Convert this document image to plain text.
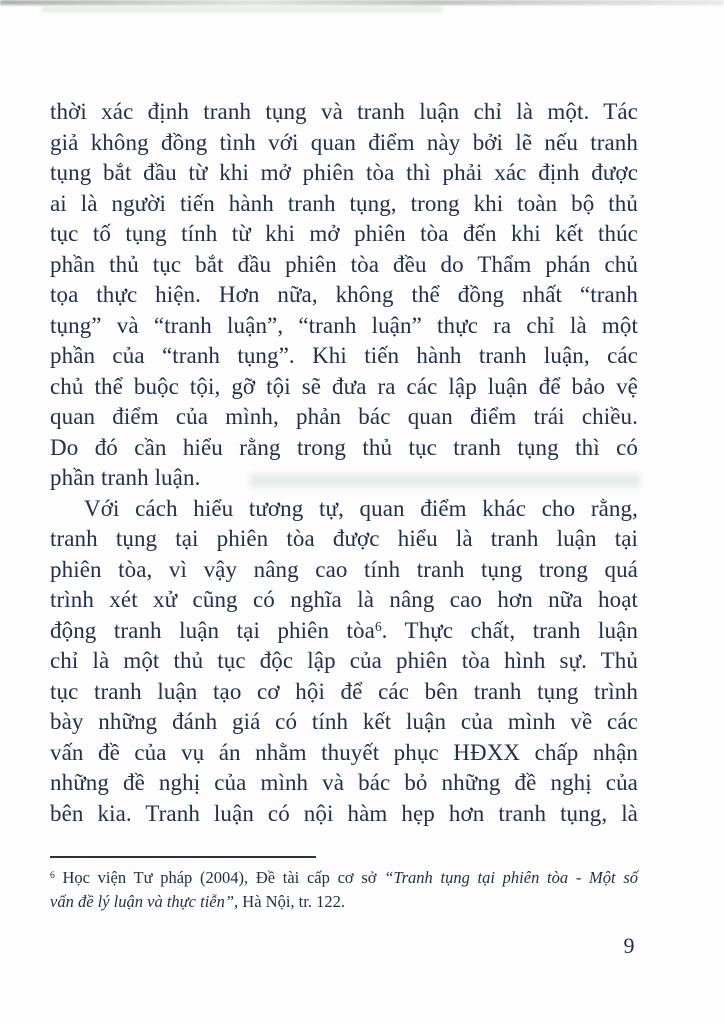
thời xác định tranh tụng và tranh luận chỉ là một. Tác
giả không đồng tình với quan điểm này bởi lẽ nếu tranh
tụng bắt đầu từ khi mở phiên tòa thì phải xác định được
ai là người tiến hành tranh tụng, trong khi toàn bộ thủ
tục tố tụng tính từ khi mở phiên tòa đến khi kết thúc
phần thủ tục bắt đầu phiên tòa đều do Thẩm phán chủ
tọa thực hiện. Hơn nữa, không thể đồng nhất “tranh
tụng” và “tranh luận”, “tranh luận” thực ra chỉ là một
phần của “tranh tụng”. Khi tiến hành tranh luận, các
chủ thể buộc tội, gỡ tội sẽ đưa ra các lập luận để bảo vệ
quan điểm của mình, phản bác quan điểm trái chiều.
Do đó cần hiểu rằng trong thủ tục tranh tụng thì có
phần tranh luận.
Với cách hiểu tương tự, quan điểm khác cho rằng,
tranh tụng tại phiên tòa được hiểu là tranh luận tại
phiên tòa, vì vậy nâng cao tính tranh tụng trong quá
trình xét xử cũng có nghĩa là nâng cao hơn nữa hoạt
động tranh luận tại phiên tòa$^6$. Thực chất, tranh luận
chỉ là một thủ tục độc lập của phiên tòa hình sự. Thủ
tục tranh luận tạo cơ hội để các bên tranh tụng trình
bày những đánh giá có tính kết luận của mình về các
vấn đề của vụ án nhằm thuyết phục HĐXX chấp nhận
những đề nghị của mình và bác bỏ những đề nghị của
bên kia. Tranh luận có nội hàm hẹp hơn tranh tụng, là
$^6$ Học viện Tư pháp (2004), Đề tài cấp cơ sở “Tranh tụng tại phiên tòa - Một số
vấn đề lý luận và thực tiễn”, Hà Nội, tr. 122.
9
